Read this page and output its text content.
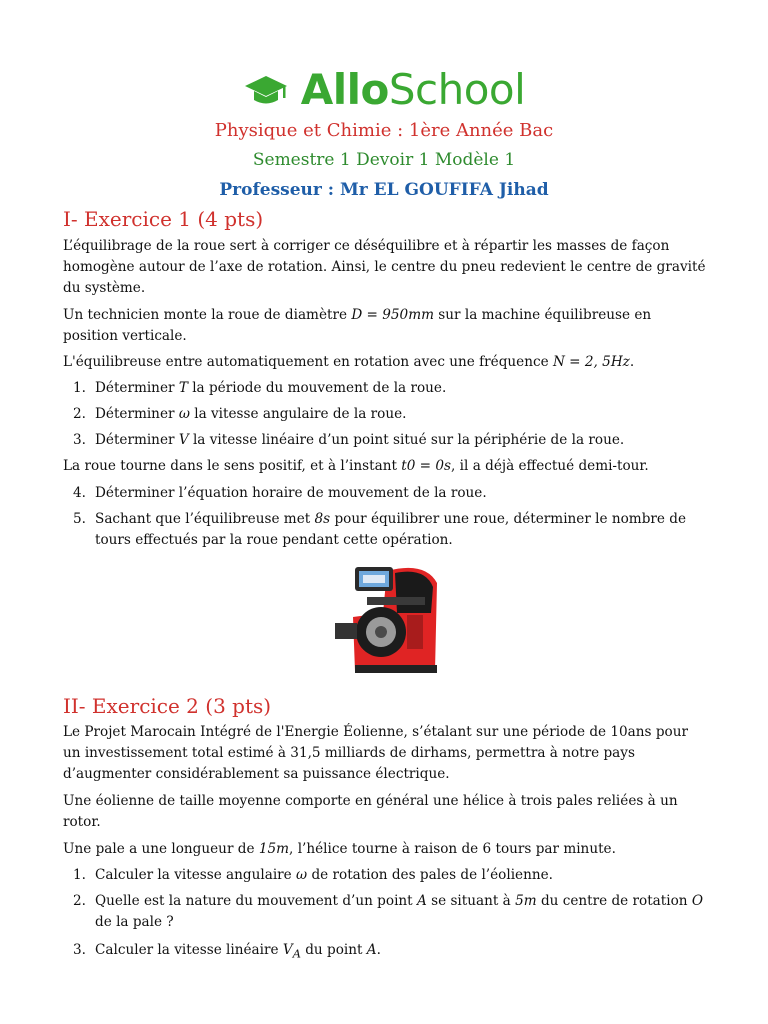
AlloSchool
Physique et Chimie : 1ère Année Bac
Semestre 1 Devoir 1 Modèle 1
Professeur : Mr EL GOUFIFA Jihad
I- Exercice 1 (4 pts)
L’équilibrage de la roue sert à corriger ce déséquilibre et à répartir les masses de façon homogène autour de l’axe de rotation. Ainsi, le centre du pneu redevient le centre de gravité du système.
Un technicien monte la roue de diamètre D = 950mm sur la machine équilibreuse en position verticale.
L'équilibreuse entre automatiquement en rotation avec une fréquence N = 2, 5Hz.
1. Déterminer T la période du mouvement de la roue.
2. Déterminer ω la vitesse angulaire de la roue.
3. Déterminer V la vitesse linéaire d’un point situé sur la périphérie de la roue.
La roue tourne dans le sens positif, et à l’instant t0 = 0s, il a déjà effectué demi-tour.
4. Déterminer l’équation horaire de mouvement de la roue.
5. Sachant que l’équilibreuse met 8s pour équilibrer une roue, déterminer le nombre de tours effectués par la roue pendant cette opération.
II- Exercice 2 (3 pts)
Le Projet Marocain Intégré de l'Energie Éolienne, s’étalant sur une période de 10ans pour un investissement total estimé à 31,5 milliards de dirhams, permettra à notre pays d’augmenter considérablement sa puissance électrique.
Une éolienne de taille moyenne comporte en général une hélice à trois pales reliées à un rotor.
Une pale a une longueur de 15m, l’hélice tourne à raison de 6 tours par minute.
1. Calculer la vitesse angulaire ω de rotation des pales de l’éolienne.
2. Quelle est la nature du mouvement d’un point A se situant à 5m du centre de rotation O de la pale ?
3. Calculer la vitesse linéaire $V_A$ du point A.
